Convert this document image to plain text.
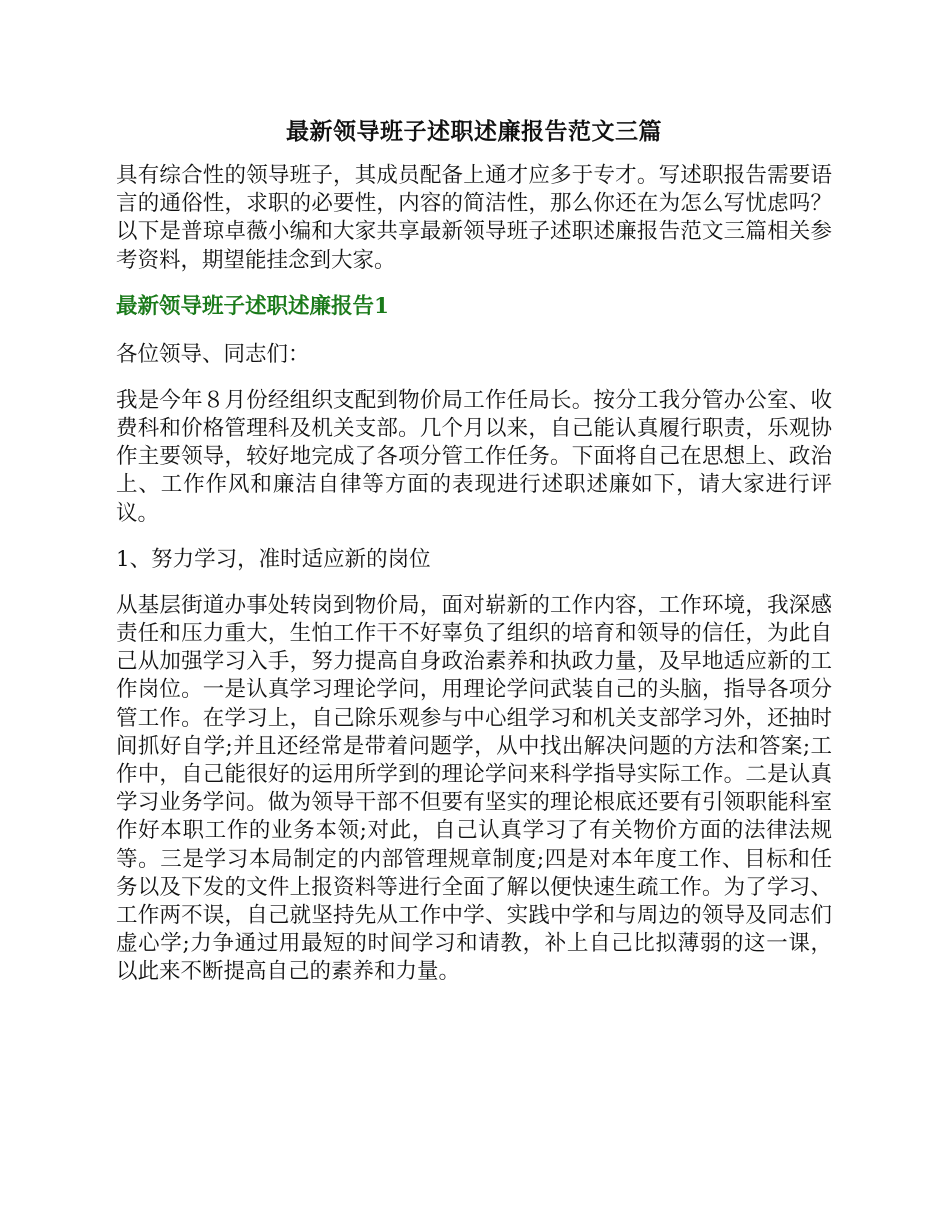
最新领导班子述职述廉报告范文三篇

具有综合性的领导班子，其成员配备上通才应多于专才。写述职报告需要语言的通俗性，求职的必要性，内容的简洁性，那么你还在为怎么写忧虑吗？以下是普琼卓薇小编和大家共享最新领导班子述职述廉报告范文三篇相关参考资料，期望能挂念到大家。

最新领导班子述职述廉报告1

各位领导、同志们：

我是今年８月份经组织支配到物价局工作任局长。按分工我分管办公室、收费科和价格管理科及机关支部。几个月以来，自己能认真履行职责，乐观协作主要领导，较好地完成了各项分管工作任务。下面将自己在思想上、政治上、工作作风和廉洁自律等方面的表现进行述职述廉如下，请大家进行评议。

1、努力学习，准时适应新的岗位

从基层街道办事处转岗到物价局，面对崭新的工作内容，工作环境，我深感责任和压力重大，生怕工作干不好辜负了组织的培育和领导的信任，为此自己从加强学习入手，努力提高自身政治素养和执政力量，及早地适应新的工作岗位。一是认真学习理论学问，用理论学问武装自己的头脑，指导各项分管工作。在学习上，自己除乐观参与中心组学习和机关支部学习外，还抽时间抓好自学;并且还经常是带着问题学，从中找出解决问题的方法和答案;工作中，自己能很好的运用所学到的理论学问来科学指导实际工作。二是认真学习业务学问。做为领导干部不但要有坚实的理论根底还要有引领职能科室作好本职工作的业务本领;对此，自己认真学习了有关物价方面的法律法规等。三是学习本局制定的内部管理规章制度;四是对本年度工作、目标和任务以及下发的文件上报资料等进行全面了解以便快速生疏工作。为了学习、工作两不误，自己就坚持先从工作中学、实践中学和与周边的领导及同志们虚心学;力争通过用最短的时间学习和请教，补上自己比拟薄弱的这一课，以此来不断提高自己的素养和力量。
